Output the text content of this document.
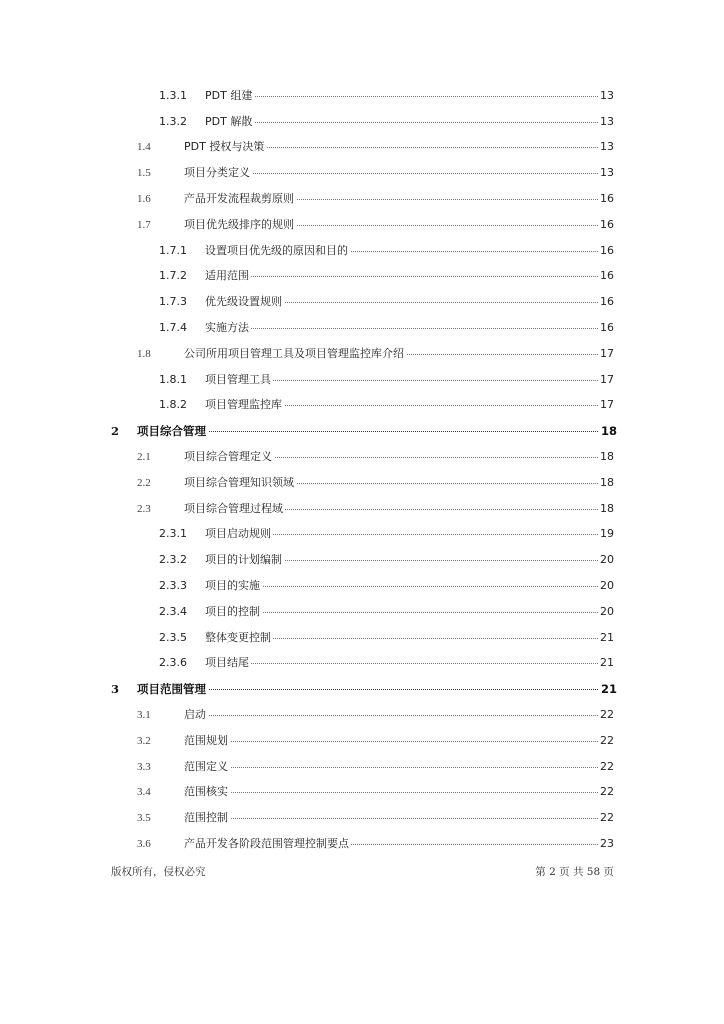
1.3.1 PDT 组建	13
1.3.2 PDT 解散	13
1.4	PDT 授权与决策	13
1.5	项目分类定义	13
1.6	产品开发流程裁剪原则	16
1.7	项目优先级排序的规则	16
1.7.1 设置项目优先级的原因和目的	16
1.7.2 适用范围	16
1.7.3 优先级设置规则	16
1.7.4 实施方法	16
1.8	公司所用项目管理工具及项目管理监控库介绍	17
1.8.1 项目管理工具	17
1.8.2 项目管理监控库	17
2 项目综合管理	18
2.1	项目综合管理定义	18
2.2	项目综合管理知识领域	18
2.3	项目综合管理过程域	18
2.3.1 项目启动规则	19
2.3.2 项目的计划编制	20
2.3.3 项目的实施	20
2.3.4 项目的控制	20
2.3.5 整体变更控制	21
2.3.6 项目结尾	21
3 项目范围管理	21
3.1	启动	22
3.2	范围规划	22
3.3	范围定义	22
3.4	范围核实	22
3.5	范围控制	22
3.6	产品开发各阶段范围管理控制要点	23
版权所有，侵权必究	第 2 页 共 58 页
